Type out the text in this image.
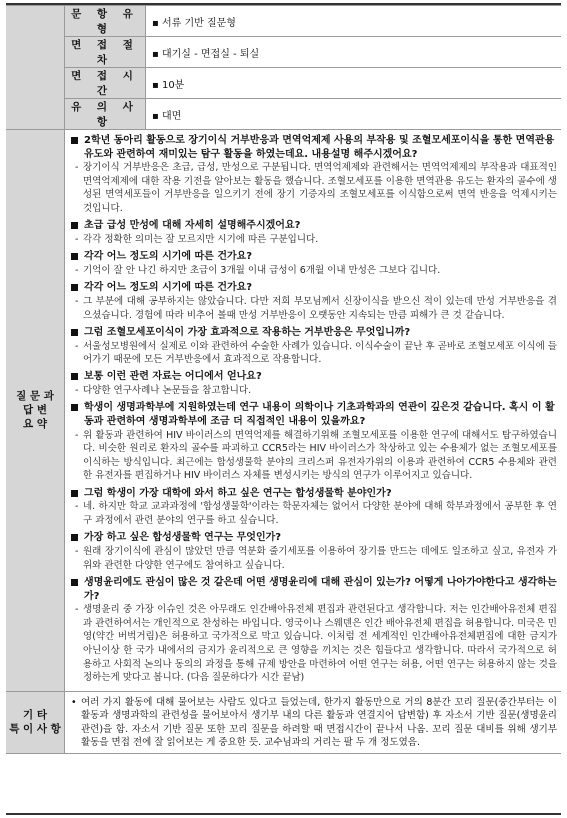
	문 항 유 형	▪ 서류 기반 질문형
	면 접 절 차	▪ 대기실 - 면접실 - 퇴실
	면 접 시 간	▪ 10분
	유 의 사 항	▪ 대면
질 문 과
답 변
요 약

2학년 동아리 활동으로 장기이식 거부반응과 면역억제제 사용의 부작용 및 조혈모세포이식을 통한 면역관용유도와 관련하여 재미있는 탐구 활동을 하였는데요. 내용설명 해주시겠어요?
- 장기이식 거부반응은 초급, 급성, 만성으로 구분됩니다. 면역억제제와 관련해서는 면역억제제의 부작용과 대표적인 면역억제제에 대한 작용 기전을 알아보는 활동을 했습니다. 조혈모세포를 이용한 면역관용 유도는 환자의 골수에 생성된 면역세포들이 거부반응을 일으키기 전에 장기 기증자의 조혈모세포를 이식함으로써 면역 반응을 억제시키는 것입니다.
초급 급성 만성에 대해 자세히 설명해주시겠어요?
- 각각 정확한 의미는 잘 모르지만 시기에 따른 구분입니다.
각각 어느 정도의 시기에 따른 건가요?
- 기억이 잘 안 나긴 하지만 초급이 3개월 이내 급성이 6개월 이내 만성은 그보다 깁니다.
각각 어느 정도의 시기에 따른 건가요?
- 그 부분에 대해 공부하지는 않았습니다. 다만 저희 부모님께서 신장이식을 받으신 적이 있는데 만성 거부반응을 겪으셨습니다. 경험에 따라 비추어 볼때 만성 거부반응이 오랫동안 지속되는 만큼 피해가 큰 것 같습니다.
그럼 조혈모세포이식이 가장 효과적으로 작용하는 거부반응은 무엇입니까?
- 서울성모병원에서 실제로 이와 관련하여 수술한 사례가 있습니다. 이식수술이 끝난 후 곧바로 조혈모세포 이식에 들어가기 때문에 모든 거부반응에서 효과적으로 작용합니다.
보통 이런 관련 자료는 어디에서 얻나요?
- 다양한 연구사례나 논문들을 참고합니다.
학생이 생명과학부에 지원하였는데 연구 내용이 의학이나 기초과학과의 연관이 깊은것 같습니다. 혹시 이 활동과 관련하여 생명과학부에 조금 더 직접적인 내용이 있을까요?
- 위 활동과 관련하여 HIV 바이러스의 면역억제를 해결하기위해 조혈모세포를 이용한 연구에 대해서도 탐구하였습니다. 비슷한 원리로 환자의 골수를 파괴하고 CCR5라는 HIV 바이러스가 착상하고 있는 수용체가 없는 조혈모세포를 이식하는 방식입니다. 최근에는 합성생물학 분야의 크리스퍼 유전자가위의 이용과 관련하여 CCR5 수용체와 관련한 유전자를 편집하거나 HIV 바이러스 자체를 변성시키는 방식의 연구가 이루어지고 있습니다.
그럼 학생이 가장 대학에 와서 하고 싶은 연구는 합성생물학 분야인가?
- 네. 하지만 학교 교과과정에 '합성생물학'이라는 학문자체는 없어서 다양한 분야에 대해 학부과정에서 공부한 후 연구 과정에서 관련 분야의 연구를 하고 싶습니다.
가장 하고 싶은 합성생물학 연구는 무엇인가?
- 원래 장기이식에 관심이 많았던 만큼 역분화 줄기세포를 이용하여 장기를 만드는 데에도 일조하고 싶고, 유전자 가위와 관련한 다양한 연구에도 참여하고 싶습니다.
생명윤리에도 관심이 많은 것 같은데 어떤 생명윤리에 대해 관심이 있는가? 어떻게 나아가야한다고 생각하는가?
- 생명윤리 중 가장 이슈인 것은 아무래도 인간배아유전체 편집과 관련된다고 생각합니다. 저는 인간배아유전체 편집과 관련하여서는 개인적으로 찬성하는 바입니다. 영국이나 스웨덴은 인간 배아유전체 편집을 허용합니다. 미국은 민영(약간 버벅거림)은 허용하고 국가적으로 막고 있습니다. 이처럼 전 세계적인 인간배아유전체편집에 대한 금지가 아닌이상 한 국가 내에서의 금지가 윤리적으로 큰 영향을 끼치는 것은 힘들다고 생각합니다. 따라서 국가적으로 허용하고 사회적 논의나 동의의 과정을 통해 규제 방안을 마련하여 어떤 연구는 허용, 어떤 연구는 허용하지 않는 것을 정하는게 맞다고 봅니다. (다음 질문하다가 시간 끝남)
기 타
특 이 사 항

• 여러 가지 활동에 대해 물어보는 사람도 있다고 들었는데, 한가지 활동만으로 거의 8분간 꼬리 질문(중간부터는 이 활동과 생명과학의 관련성을 물어보아서 생기부 내의 다른 활동과 연결지어 답변함) 후 자소서 기반 질문(생명윤리 관련)을 함. 자소서 기반 질문 또한 꼬리 질문을 하려할 때 면접시간이 끝나서 나옴. 꼬리 질문 대비를 위해 생기부 활동을 면접 전에 잘 읽어보는 게 중요한 듯. 교수님과의 거리는 팔 두 개 정도였음.
